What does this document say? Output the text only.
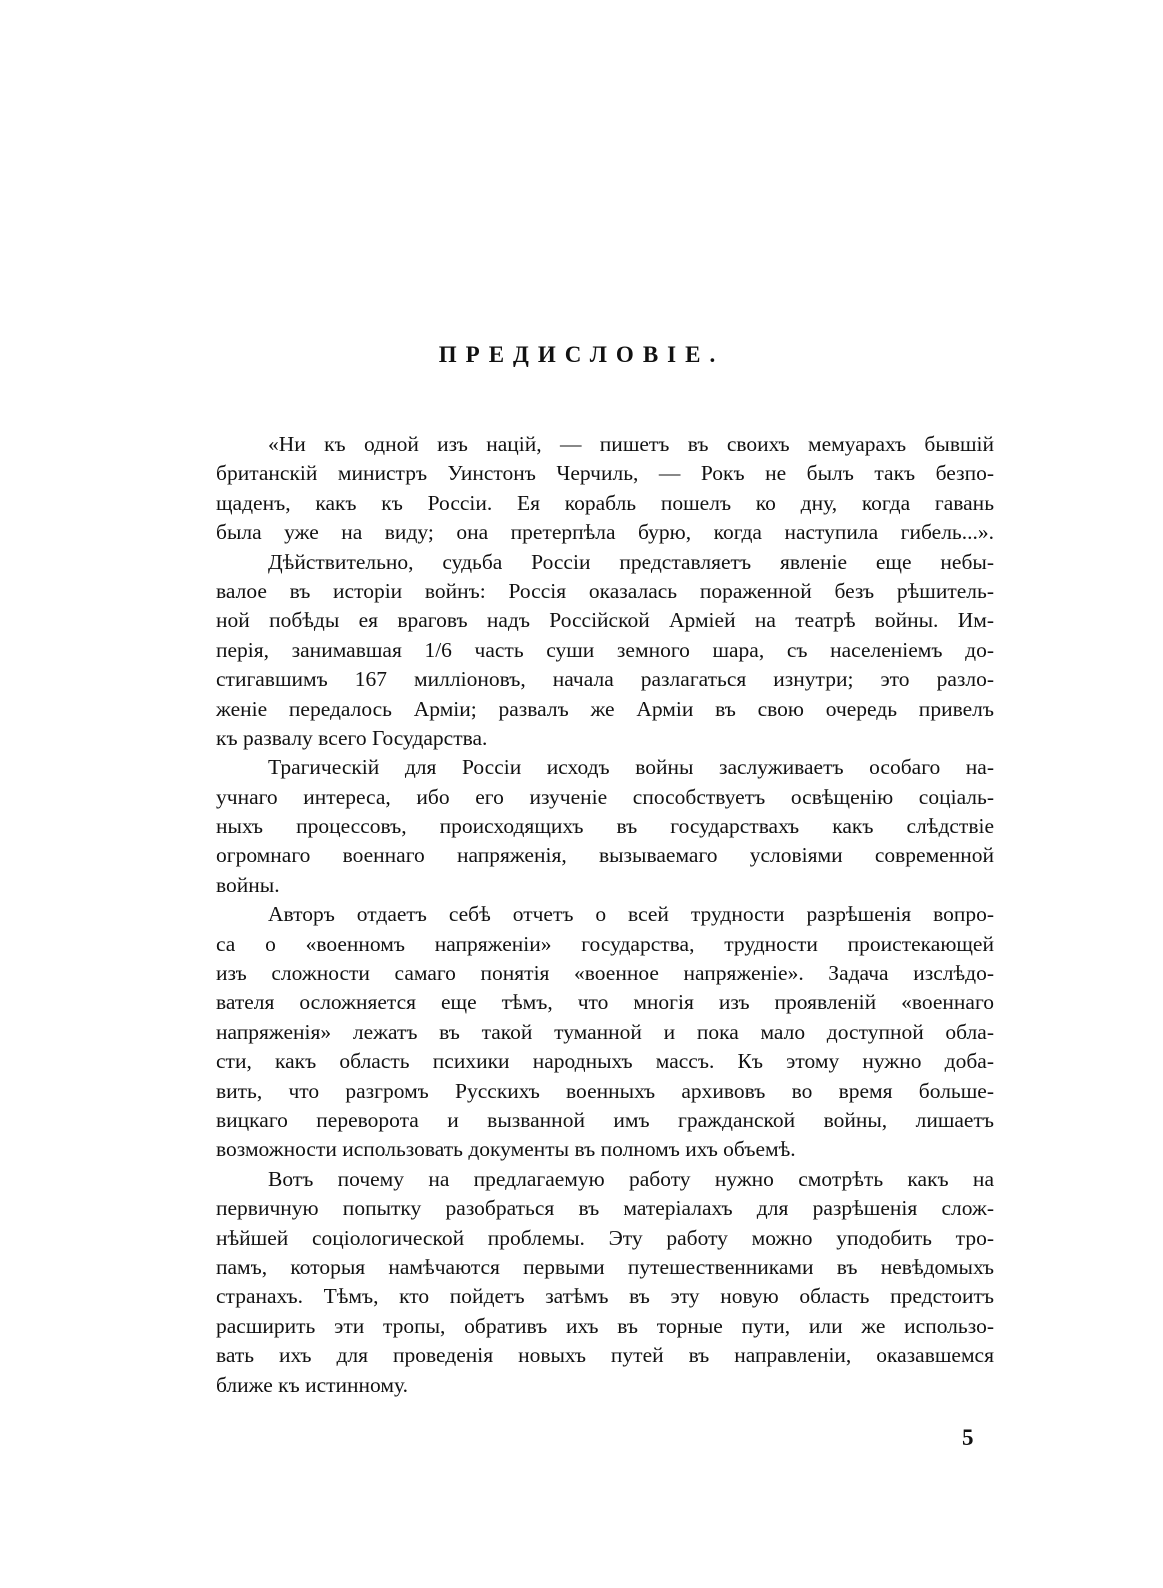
ПРЕДИСЛОВІЕ.

«Ни къ одной изъ націй, — пишетъ въ своихъ мемуарахъ бывшій
британскій министръ Уинстонъ Черчиль, — Рокъ не былъ такъ безпо-
щаденъ, какъ къ Россіи. Ея корабль пошелъ ко дну, когда гавань
была уже на виду; она претерпѣла бурю, когда наступила гибель...».

Дѣйствительно, судьба Россіи представляетъ явленіе еще небы-
валое въ исторіи войнъ: Россія оказалась пораженной безъ рѣшитель-
ной побѣды ея враговъ надъ Россійской Арміей на театрѣ войны. Им-
перія, занимавшая 1/6 часть суши земного шара, съ населеніемъ до-
стигавшимъ 167 милліоновъ, начала разлагаться изнутри; это разло-
женіе передалось Арміи; развалъ же Арміи въ свою очередь привелъ
къ развалу всего Государства.

Трагическій для Россіи исходъ войны заслуживаетъ особаго на-
учнаго интереса, ибо его изученіе способствуетъ освѣщенію соціаль-
ныхъ процессовъ, происходящихъ въ государствахъ какъ слѣдствіе
огромнаго военнаго напряженія, вызываемаго условіями современной
войны.

Авторъ отдаетъ себѣ отчетъ о всей трудности разрѣшенія вопро-
са о «военномъ напряженіи» государства, трудности проистекающей
изъ сложности самаго понятія «военное напряженіе». Задача изслѣдо-
вателя осложняется еще тѣмъ, что многія изъ проявленій «военнаго
напряженія» лежатъ въ такой туманной и пока мало доступной обла-
сти, какъ область психики народныхъ массъ. Къ этому нужно доба-
вить, что разгромъ Русскихъ военныхъ архивовъ во время больше-
вицкаго переворота и вызванной имъ гражданской войны, лишаетъ
возможности использовать документы въ полномъ ихъ объемѣ.

Вотъ почему на предлагаемую работу нужно смотрѣть какъ на
первичную попытку разобраться въ матеріалахъ для разрѣшенія слож-
нѣйшей соціологической проблемы. Эту работу можно уподобить тро-
памъ, которыя намѣчаются первыми путешественниками въ невѣдомыхъ
странахъ. Тѣмъ, кто пойдетъ затѣмъ въ эту новую область предстоитъ
расширить эти тропы, обративъ ихъ въ торные пути, или же использо-
вать ихъ для проведенія новыхъ путей въ направленіи, оказавшемся
ближе къ истинному.

5
